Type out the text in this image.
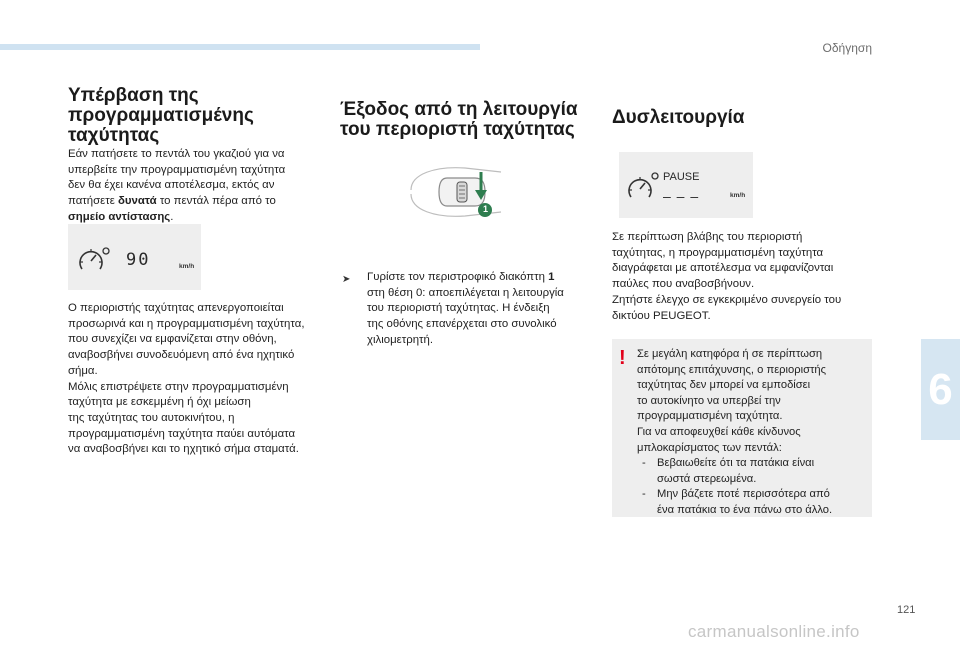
Οδήγηση
Υπέρβαση της
προγραμματισμένης
ταχύτητας
Εάν πατήσετε το πεντάλ του γκαζιού για να
υπερβείτε την προγραμματισμένη ταχύτητα
δεν θα έχει κανένα αποτέλεσμα, εκτός αν
πατήσετε δυνατά το πεντάλ πέρα από το
σημείο αντίστασης.
90	km/h
Ο περιοριστής ταχύτητας απενεργοποιείται
προσωρινά και η προγραμματισμένη ταχύτητα,
που συνεχίζει να εμφανίζεται στην οθόνη,
αναβοσβήνει συνοδευόμενη από ένα ηχητικό
σήμα.
Μόλις επιστρέψετε στην προγραμματισμένη
ταχύτητα με εσκεμμένη ή όχι μείωση
της ταχύτητας του αυτοκινήτου, η
προγραμματισμένη ταχύτητα παύει αυτόματα
να αναβοσβήνει και το ηχητικό σήμα σταματά.
Έξοδος από τη λειτουργία
του περιοριστή ταχύτητας
1
➤ Γυρίστε τον περιστροφικό διακόπτη 1
στη θέση 0: αποεπιλέγεται η λειτουργία
του περιοριστή ταχύτητας. Η ένδειξη
της οθόνης επανέρχεται στο συνολικό
χιλιομετρητή.
Δυσλειτουργία
PAUSE
– – –	km/h
Σε περίπτωση βλάβης του περιοριστή
ταχύτητας, η προγραμματισμένη ταχύτητα
διαγράφεται με αποτέλεσμα να εμφανίζονται
παύλες που αναβοσβήνουν.
Ζητήστε έλεγχο σε εγκεκριμένο συνεργείο του
δικτύου PEUGEOT.
! Σε μεγάλη κατηφόρα ή σε περίπτωση
απότομης επιτάχυνσης, ο περιοριστής
ταχύτητας δεν μπορεί να εμποδίσει
το αυτοκίνητο να υπερβεί την
προγραμματισμένη ταχύτητα.
Για να αποφευχθεί κάθε κίνδυνος
μπλοκαρίσματος των πεντάλ:
- Βεβαιωθείτε ότι τα πατάκια είναι
σωστά στερεωμένα.
- Μην βάζετε ποτέ περισσότερα από
ένα πατάκια το ένα πάνω στο άλλο.
6
121
carmanualsonline.info
